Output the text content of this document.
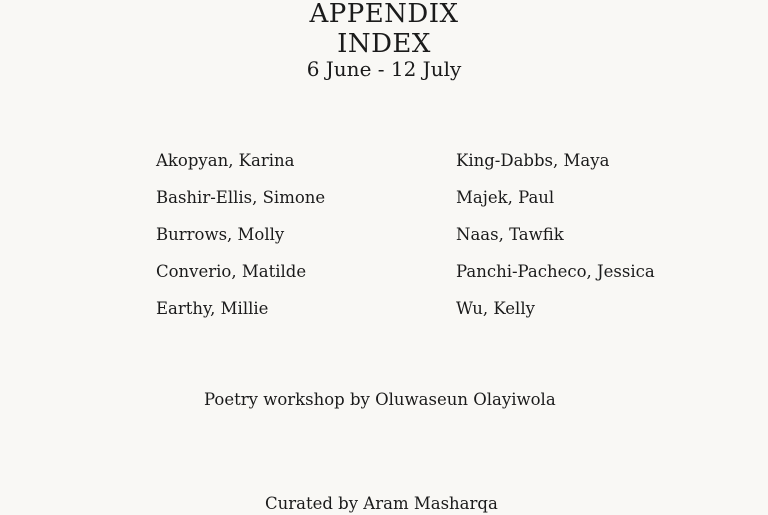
APPENDIX
INDEX
6 June - 12 July
Akopyan, Karina
Bashir-Ellis, Simone
Burrows, Molly
Converio, Matilde
Earthy, Millie
King-Dabbs, Maya
Majek, Paul
Naas, Tawfik
Panchi-Pacheco, Jessica
Wu, Kelly
Poetry workshop by Oluwaseun Olayiwola
Curated by Aram Masharqa
